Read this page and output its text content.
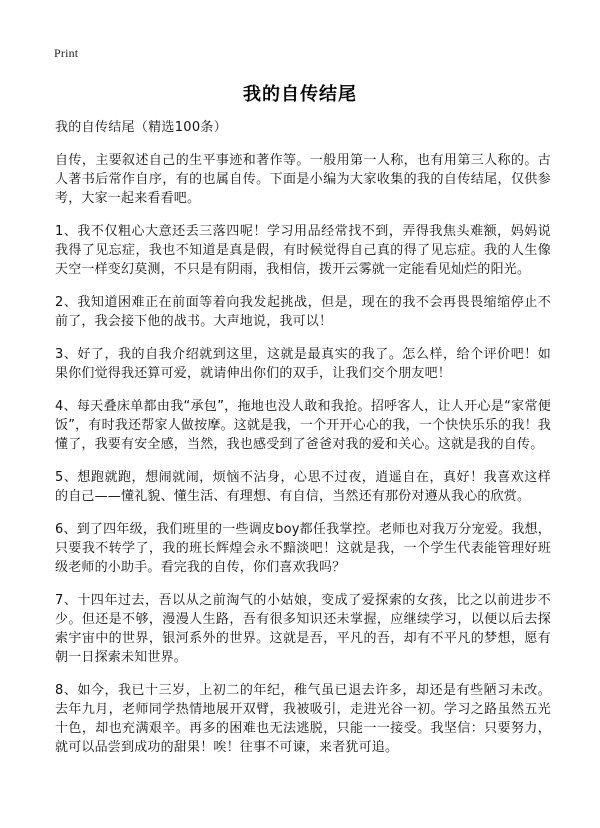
Print
我的自传结尾
我的自传结尾（精选100条）
自传，主要叙述自己的生平事迹和著作等。一般用第一人称，也有用第三人称的。古人著书后常作自序，有的也属自传。下面是小编为大家收集的我的自传结尾，仅供参考，大家一起来看看吧。
1、我不仅粗心大意还丢三落四呢！学习用品经常找不到，弄得我焦头难额，妈妈说我得了见忘症，我也不知道是真是假，有时候觉得自己真的得了见忘症。我的人生像天空一样变幻莫测，不只是有阴雨，我相信，拨开云雾就一定能看见灿烂的阳光。
2、我知道困难正在前面等着向我发起挑战，但是，现在的我不会再畏畏缩缩停止不前了，我会接下他的战书。大声地说，我可以！
3、好了，我的自我介绍就到这里，这就是最真实的我了。怎么样，给个评价吧！如果你们觉得我还算可爱，就请伸出你们的双手，让我们交个朋友吧！
4、每天叠床单都由我“承包”，拖地也没人敢和我抢。招呼客人，让人开心是“家常便饭”，有时我还帮家人做按摩。这就是我，一个开开心心的我，一个快快乐乐的我！我懂了，我要有安全感，当然，我也感受到了爸爸对我的爱和关心。这就是我的自传。
5、想跑就跑，想闹就闹，烦恼不沾身，心思不过夜，逍遥自在，真好！我喜欢这样的自己——懂礼貌、懂生活、有理想、有自信，当然还有那份对遵从我心的欣赏。
6、到了四年级，我们班里的一些调皮boy都任我掌控。老师也对我万分宠爱。我想，只要我不转学了，我的班长辉煌会永不黯淡吧！这就是我，一个学生代表能管理好班级老师的小助手。看完我的自传，你们喜欢我吗？
7、十四年过去，吾以从之前淘气的小姑娘，变成了爱探索的女孩，比之以前进步不少。但还是不够，漫漫人生路，吾有很多知识还未掌握，应继续学习，以便以后去探索宇宙中的世界，银河系外的世界。这就是吾，平凡的吾，却有不平凡的梦想，愿有朝一日探索未知世界。
8、如今，我已十三岁，上初二的年纪，稚气虽已退去许多，却还是有些陋习未改。去年九月，老师同学热情地展开双臂，我被吸引，走进光谷一初。学习之路虽然五光十色，却也充满艰辛。再多的困难也无法逃脱，只能一一接受。我坚信：只要努力，就可以品尝到成功的甜果！唉！往事不可谏，来者犹可追。
